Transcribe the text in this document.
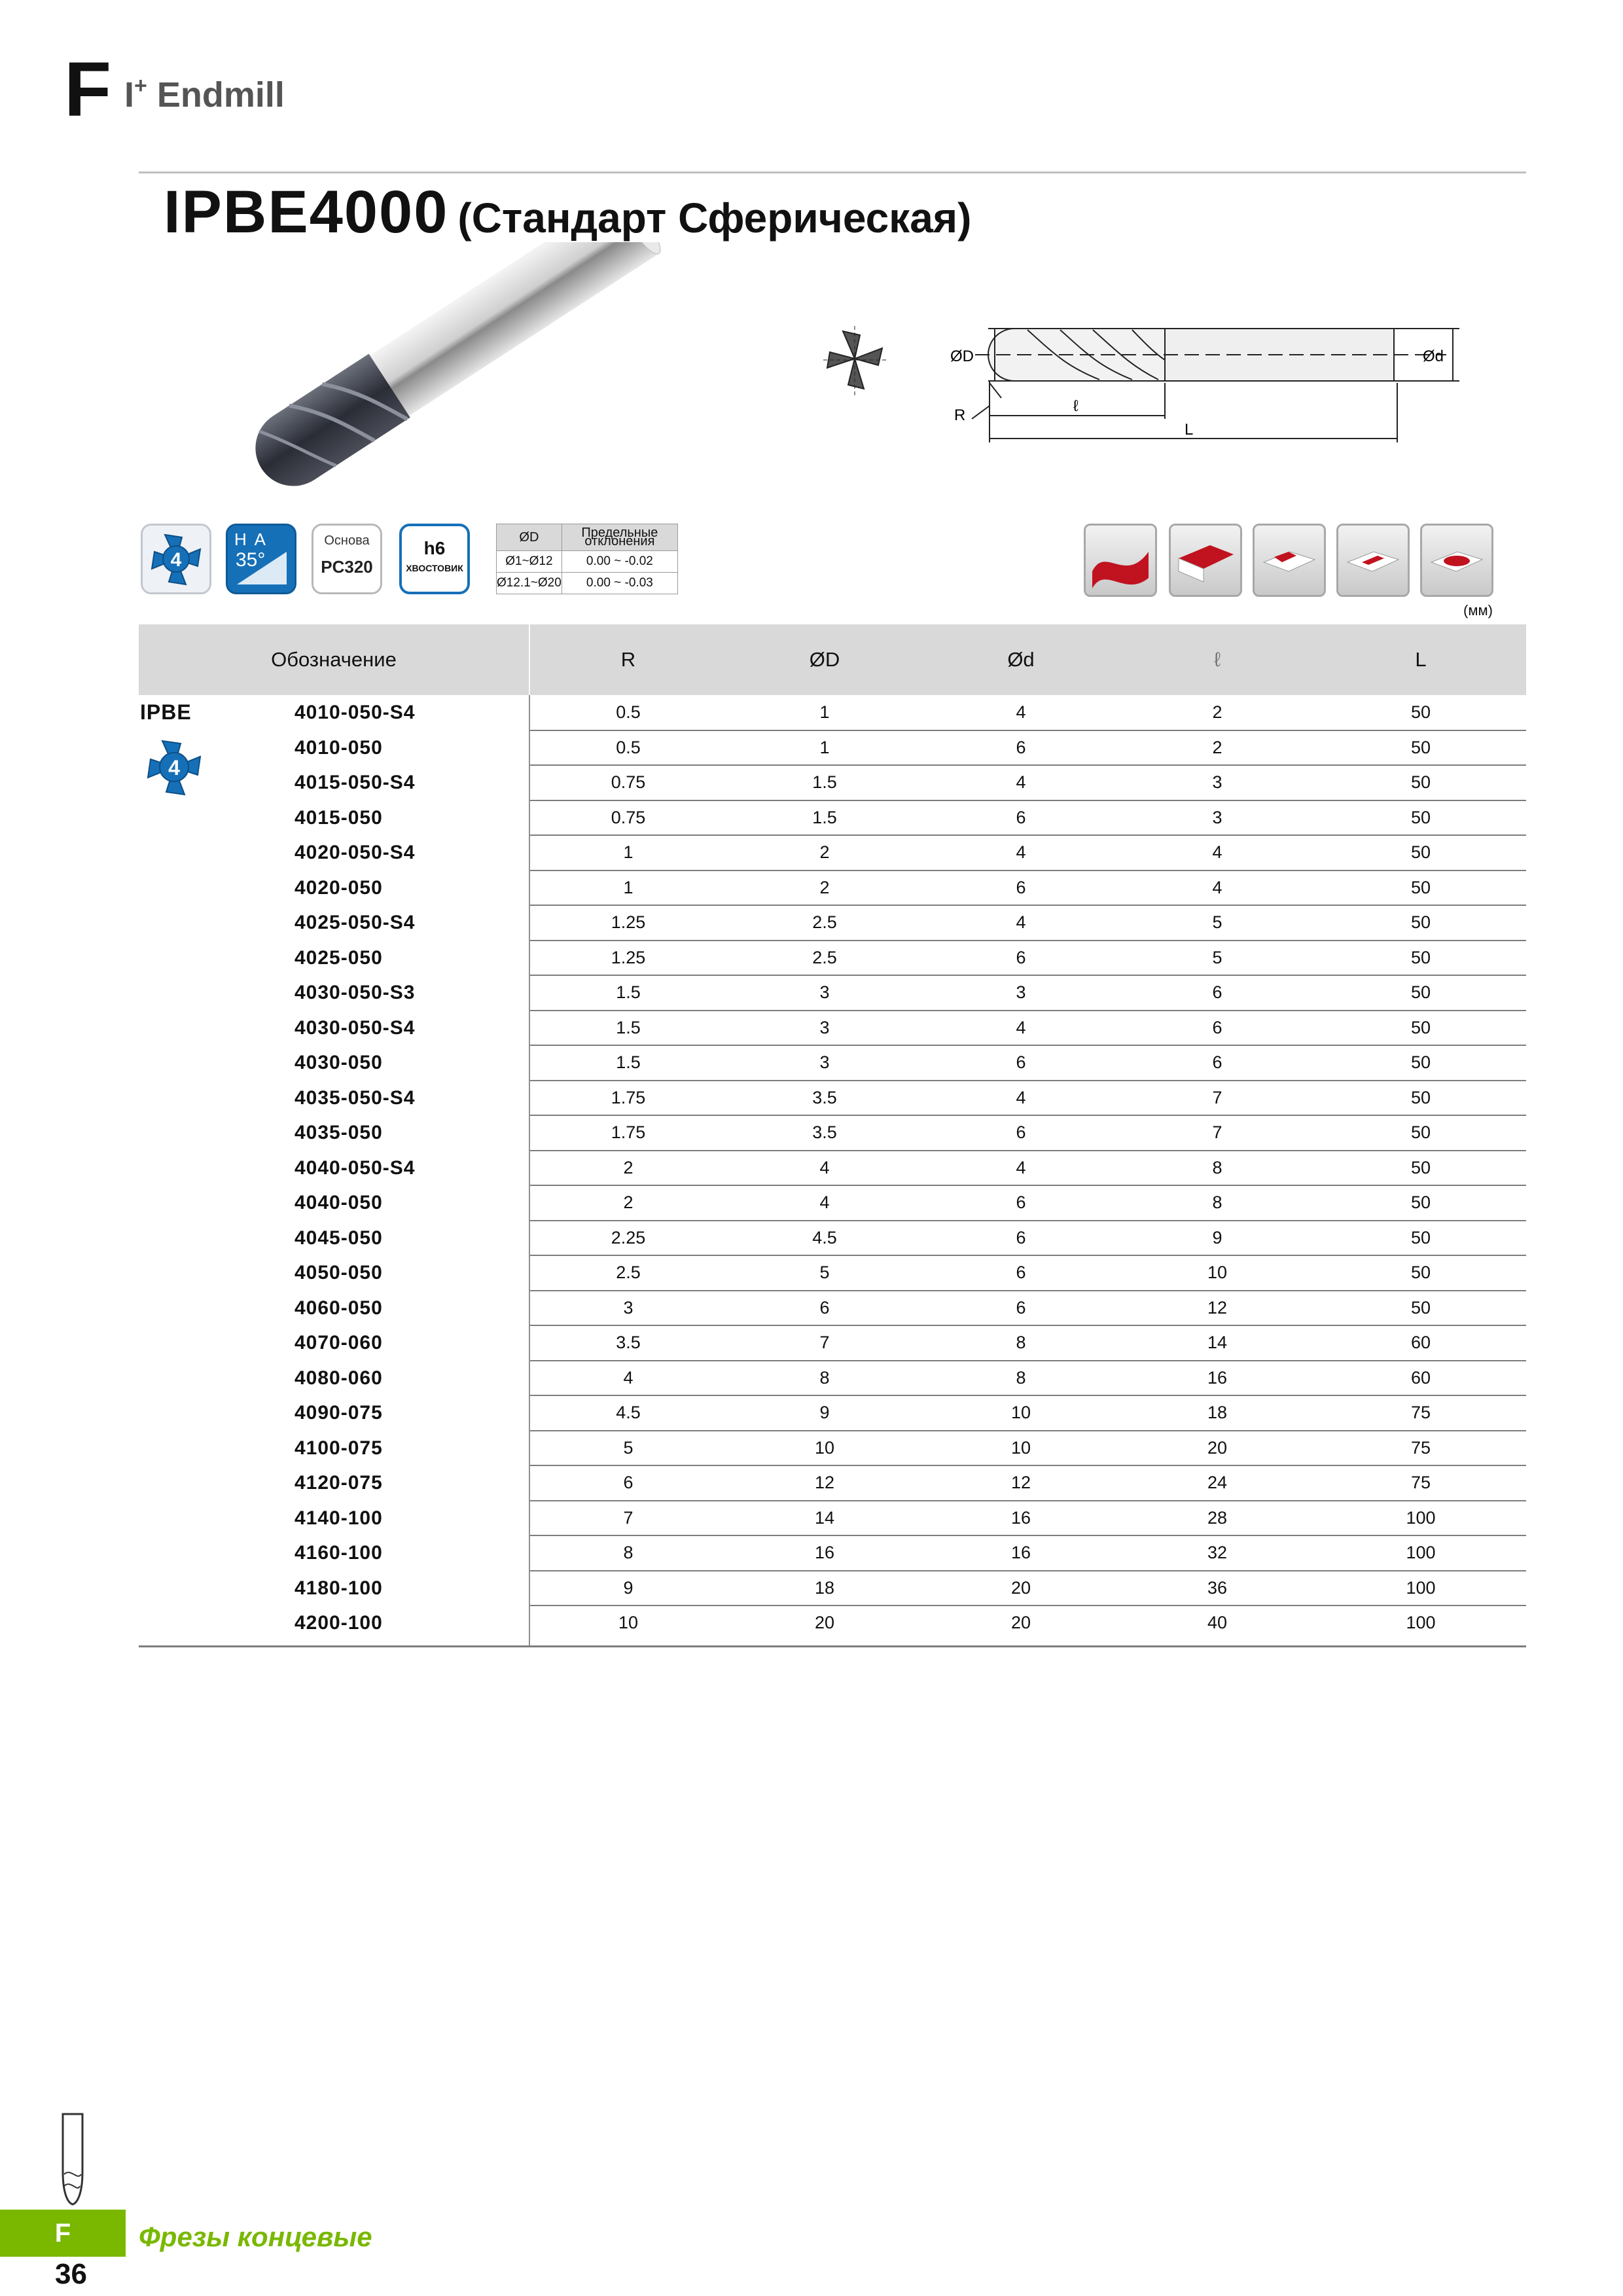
F I+ Endmill
IPBE4000 (Стандарт Сферическая)
ØD	Ød
R
ℓ
L
4
H A
35°
Основа
PC320
h6
ХВОСТОВИК
ØD	Предельные отклонения
Ø1~Ø12	0.00 ~ -0.02
Ø12.1~Ø20	0.00 ~ -0.03
(мм)
Обозначение	R	ØD	Ød	ℓ	L
IPBE
4
4010-050-S4	0.5	1	4	2	50
4010-050	0.5	1	6	2	50
4015-050-S4	0.75	1.5	4	3	50
4015-050	0.75	1.5	6	3	50
4020-050-S4	1	2	4	4	50
4020-050	1	2	6	4	50
4025-050-S4	1.25	2.5	4	5	50
4025-050	1.25	2.5	6	5	50
4030-050-S3	1.5	3	3	6	50
4030-050-S4	1.5	3	4	6	50
4030-050	1.5	3	6	6	50
4035-050-S4	1.75	3.5	4	7	50
4035-050	1.75	3.5	6	7	50
4040-050-S4	2	4	4	8	50
4040-050	2	4	6	8	50
4045-050	2.25	4.5	6	9	50
4050-050	2.5	5	6	10	50
4060-050	3	6	6	12	50
4070-060	3.5	7	8	14	60
4080-060	4	8	8	16	60
4090-075	4.5	9	10	18	75
4100-075	5	10	10	20	75
4120-075	6	12	12	24	75
4140-100	7	14	16	28	100
4160-100	8	16	16	32	100
4180-100	9	18	20	36	100
4200-100	10	20	20	40	100
F	Фрезы концевые
36
